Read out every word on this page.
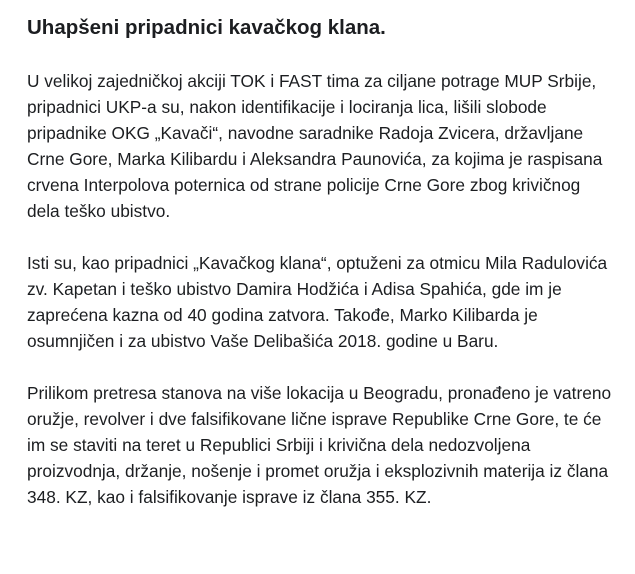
Uhapšeni pripadnici kavačkog klana.

U velikoj zajedničkoj akciji TOK i FAST tima za ciljane potrage MUP Srbije, pripadnici UKP-a su, nakon identifikacije i lociranja lica, lišili slobode pripadnike OKG „Kavači“, navodne saradnike Radoja Zvicera, državljane Crne Gore, Marka Kilibardu i Aleksandra Paunovića, za kojima je raspisana crvena Interpolova poternica od strane policije Crne Gore zbog krivičnog dela teško ubistvo.

Isti su, kao pripadnici „Kavačkog klana“, optuženi za otmicu Mila Radulovića zv. Kapetan i teško ubistvo Damira Hodžića i Adisa Spahića, gde im je zaprećena kazna od 40 godina zatvora. Takođe, Marko Kilibarda je osumnjičen i za ubistvo Vaše Delibašića 2018. godine u Baru.

Prilikom pretresa stanova na više lokacija u Beogradu, pronađeno je vatreno oružje, revolver i dve falsifikovane lične isprave Republike Crne Gore, te će im se staviti na teret u Republici Srbiji i krivična dela nedozvoljena proizvodnja, držanje, nošenje i promet oružja i eksplozivnih materija iz člana 348. KZ, kao i falsifikovanje isprave iz člana 355. KZ.
